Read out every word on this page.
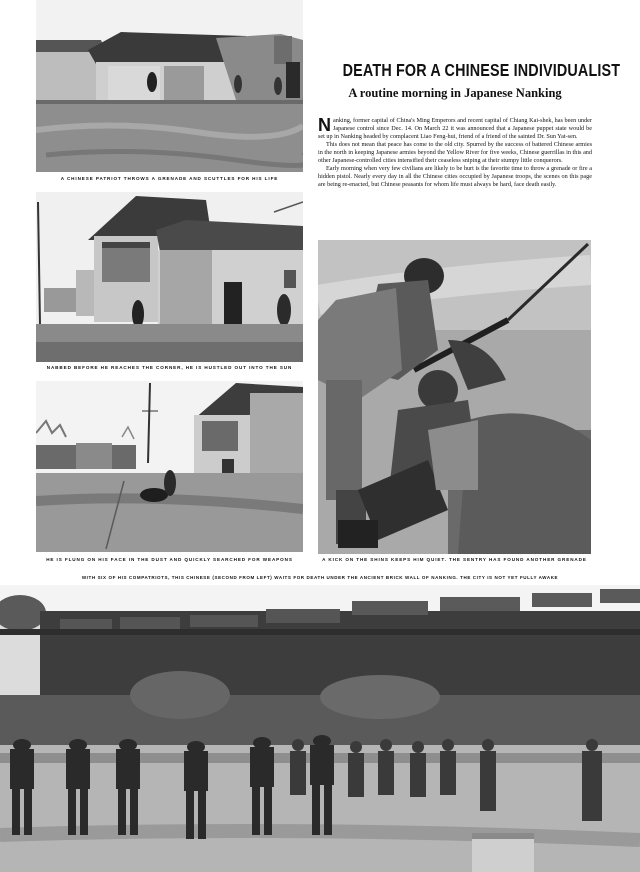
A CHINESE PATRIOT THROWS A GRENADE AND SCUTTLES FOR HIS LIFE
DEATH FOR A CHINESE INDIVIDUALIST
A routine morning in Japanese Nanking

Nanking, former capital of China's Ming Emperors and recent capital of Chiang Kai-shek, has been under Japanese control since Dec. 14. On March 22 it was announced that a Japanese puppet state would be set up in Nanking headed by complacent Liao Feng-hui, friend of a friend of the sainted Dr. Sun Yat-sen.

This does not mean that peace has come to the old city. Spurred by the success of battered Chinese armies in the north in keeping Japanese armies beyond the Yellow River for five weeks, Chinese guerrillas in this and other Japanese-controlled cities intensified their ceaseless sniping at their stumpy little conquerors.

Early morning when very few civilians are likely to be hurt is the favorite time to throw a grenade or fire a hidden pistol. Nearly every day in all the Chinese cities occupied by Japanese troops, the scenes on this page are being re-enacted, but Chinese peasants for whom life must always be hard, face death easily.

NABBED BEFORE HE REACHES THE CORNER, HE IS HUSTLED OUT INTO THE SUN
HE IS FLUNG ON HIS FACE IN THE DUST AND QUICKLY SEARCHED FOR WEAPONS	A KICK ON THE SHINS KEEPS HIM QUIET. THE SENTRY HAS FOUND ANOTHER GRENADE
WITH SIX OF HIS COMPATRIOTS, THIS CHINESE (SECOND FROM LEFT) WAITS FOR DEATH UNDER THE ANCIENT BRICK WALL OF NANKING. THE CITY IS NOT YET FULLY AWAKE
